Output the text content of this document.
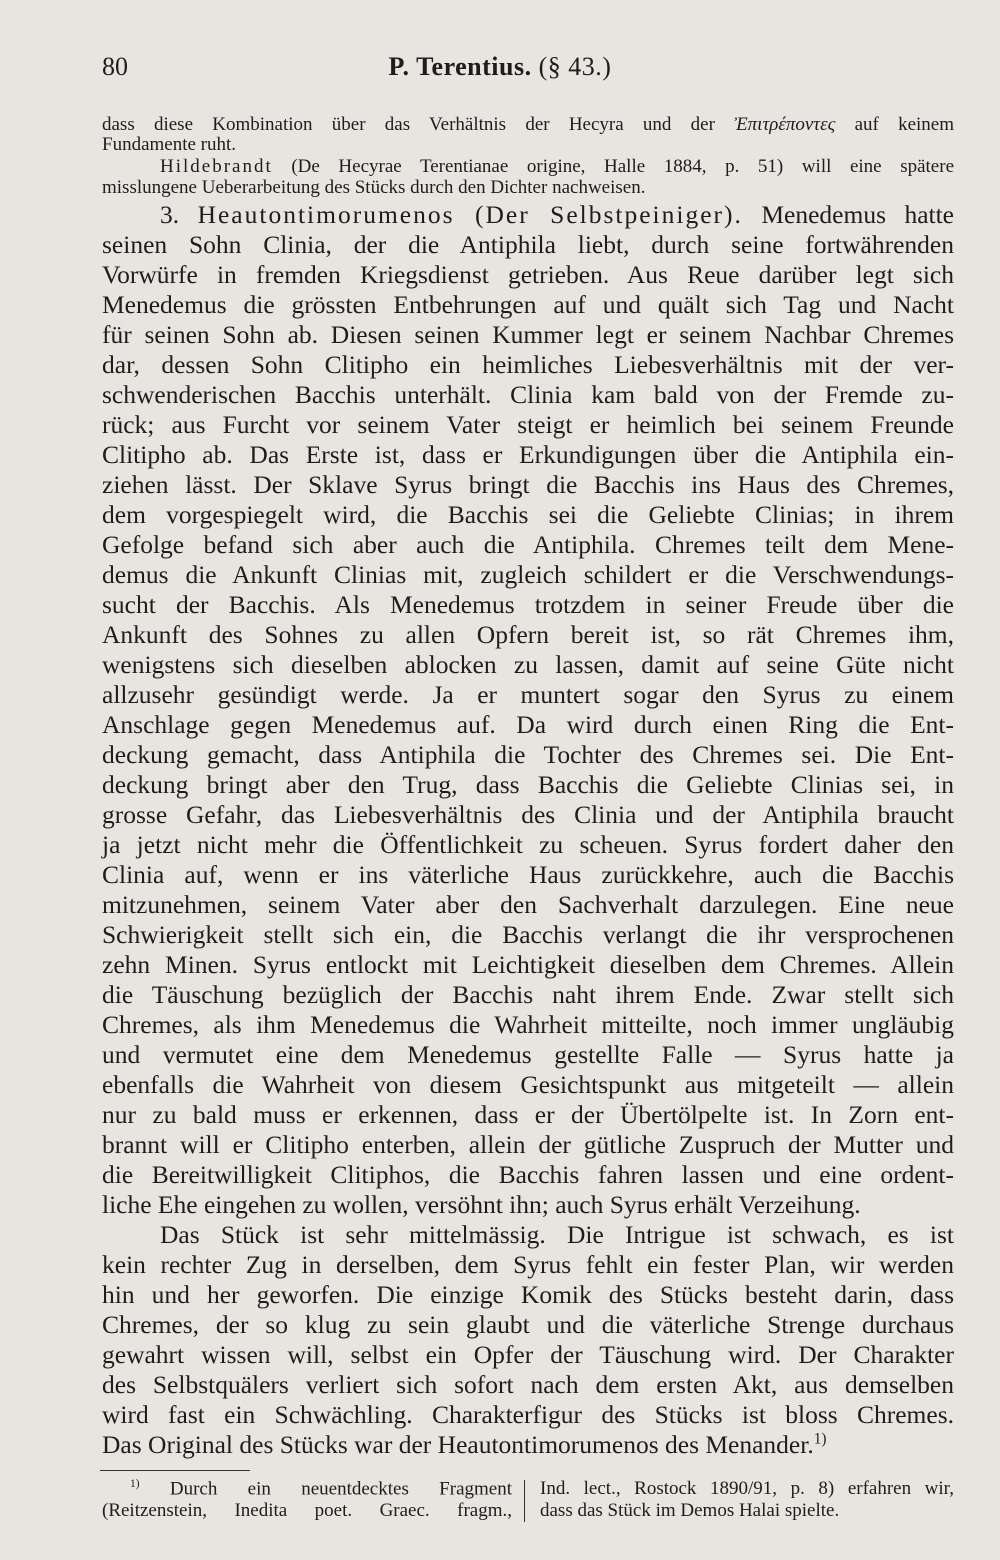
80	P. Terentius. (§ 43.)
dass diese Kombination über das Verhältnis der Hecyra und der Ἐπιτρέποντες auf keinem
Fundamente ruht.
Hildebrandt (De Hecyrae Terentianae origine, Halle 1884, p. 51) will eine spätere
misslungene Ueberarbeitung des Stücks durch den Dichter nachweisen.
3. Heautontimorumenos (Der Selbstpeiniger). Menedemus hatte
seinen Sohn Clinia, der die Antiphila liebt, durch seine fortwährenden
Vorwürfe in fremden Kriegsdienst getrieben. Aus Reue darüber legt sich
Menedemus die grössten Entbehrungen auf und quält sich Tag und Nacht
für seinen Sohn ab. Diesen seinen Kummer legt er seinem Nachbar Chremes
dar, dessen Sohn Clitipho ein heimliches Liebesverhältnis mit der ver-
schwenderischen Bacchis unterhält. Clinia kam bald von der Fremde zu-
rück; aus Furcht vor seinem Vater steigt er heimlich bei seinem Freunde
Clitipho ab. Das Erste ist, dass er Erkundigungen über die Antiphila ein-
ziehen lässt. Der Sklave Syrus bringt die Bacchis ins Haus des Chremes,
dem vorgespiegelt wird, die Bacchis sei die Geliebte Clinias; in ihrem
Gefolge befand sich aber auch die Antiphila. Chremes teilt dem Mene-
demus die Ankunft Clinias mit, zugleich schildert er die Verschwendungs-
sucht der Bacchis. Als Menedemus trotzdem in seiner Freude über die
Ankunft des Sohnes zu allen Opfern bereit ist, so rät Chremes ihm,
wenigstens sich dieselben ablocken zu lassen, damit auf seine Güte nicht
allzusehr gesündigt werde. Ja er muntert sogar den Syrus zu einem
Anschlage gegen Menedemus auf. Da wird durch einen Ring die Ent-
deckung gemacht, dass Antiphila die Tochter des Chremes sei. Die Ent-
deckung bringt aber den Trug, dass Bacchis die Geliebte Clinias sei, in
grosse Gefahr, das Liebesverhältnis des Clinia und der Antiphila braucht
ja jetzt nicht mehr die Öffentlichkeit zu scheuen. Syrus fordert daher den
Clinia auf, wenn er ins väterliche Haus zurückkehre, auch die Bacchis
mitzunehmen, seinem Vater aber den Sachverhalt darzulegen. Eine neue
Schwierigkeit stellt sich ein, die Bacchis verlangt die ihr versprochenen
zehn Minen. Syrus entlockt mit Leichtigkeit dieselben dem Chremes. Allein
die Täuschung bezüglich der Bacchis naht ihrem Ende. Zwar stellt sich
Chremes, als ihm Menedemus die Wahrheit mitteilte, noch immer ungläubig
und vermutet eine dem Menedemus gestellte Falle — Syrus hatte ja
ebenfalls die Wahrheit von diesem Gesichtspunkt aus mitgeteilt — allein
nur zu bald muss er erkennen, dass er der Übertölpelte ist. In Zorn ent-
brannt will er Clitipho enterben, allein der gütliche Zuspruch der Mutter und
die Bereitwilligkeit Clitiphos, die Bacchis fahren lassen und eine ordent-
liche Ehe eingehen zu wollen, versöhnt ihn; auch Syrus erhält Verzeihung.
Das Stück ist sehr mittelmässig. Die Intrigue ist schwach, es ist
kein rechter Zug in derselben, dem Syrus fehlt ein fester Plan, wir werden
hin und her geworfen. Die einzige Komik des Stücks besteht darin, dass
Chremes, der so klug zu sein glaubt und die väterliche Strenge durchaus
gewahrt wissen will, selbst ein Opfer der Täuschung wird. Der Charakter
des Selbstquälers verliert sich sofort nach dem ersten Akt, aus demselben
wird fast ein Schwächling. Charakterfigur des Stücks ist bloss Chremes.
Das Original des Stücks war der Heautontimorumenos des Menander.$^{1)}$
$^{1)}$ Durch ein neuentdecktes Fragment
(Reitzenstein, Inedita poet. Graec. fragm.,
Ind. lect., Rostock 1890/91, p. 8) erfahren wir,
dass das Stück im Demos Halai spielte.
